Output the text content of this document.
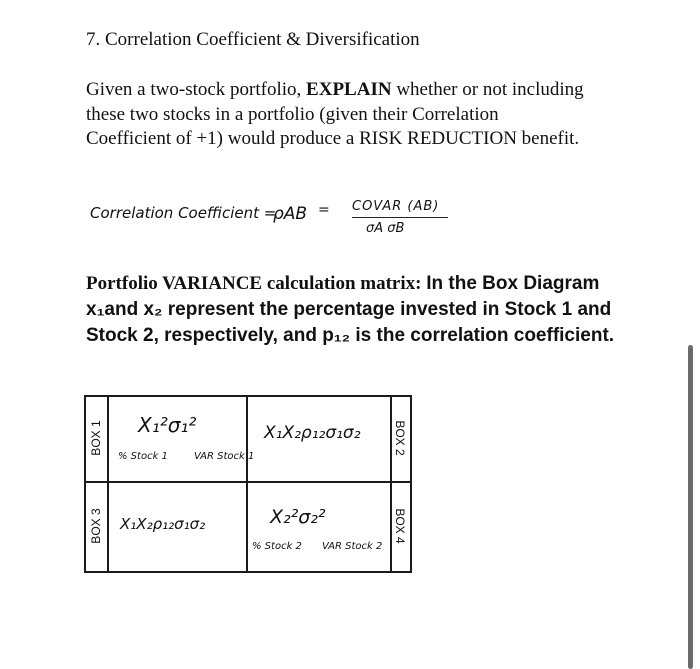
7. Correlation Coefficient & Diversification
Given a two-stock portfolio, EXPLAIN whether or not including these two stocks in a portfolio (given their Correlation Coefficient of +1) would produce a RISK REDUCTION benefit.
Correlation Coefficient =
ρAB = COVAR (AB)
σA σB
Portfolio VARIANCE calculation matrix: In the Box Diagram x₁and x₂ represent the percentage invested in Stock 1 and Stock 2, respectively, and p₁₂ is the correlation coefficient.
BOX 1
BOX 3
BOX 2
BOX 4
X₁²σ₁²
% Stock 1	VAR Stock 1
X₁X₂ρ₁₂σ₁σ₂
X₁X₂ρ₁₂σ₁σ₂	X₂²σ₂²
% Stock 2 VAR Stock 2
